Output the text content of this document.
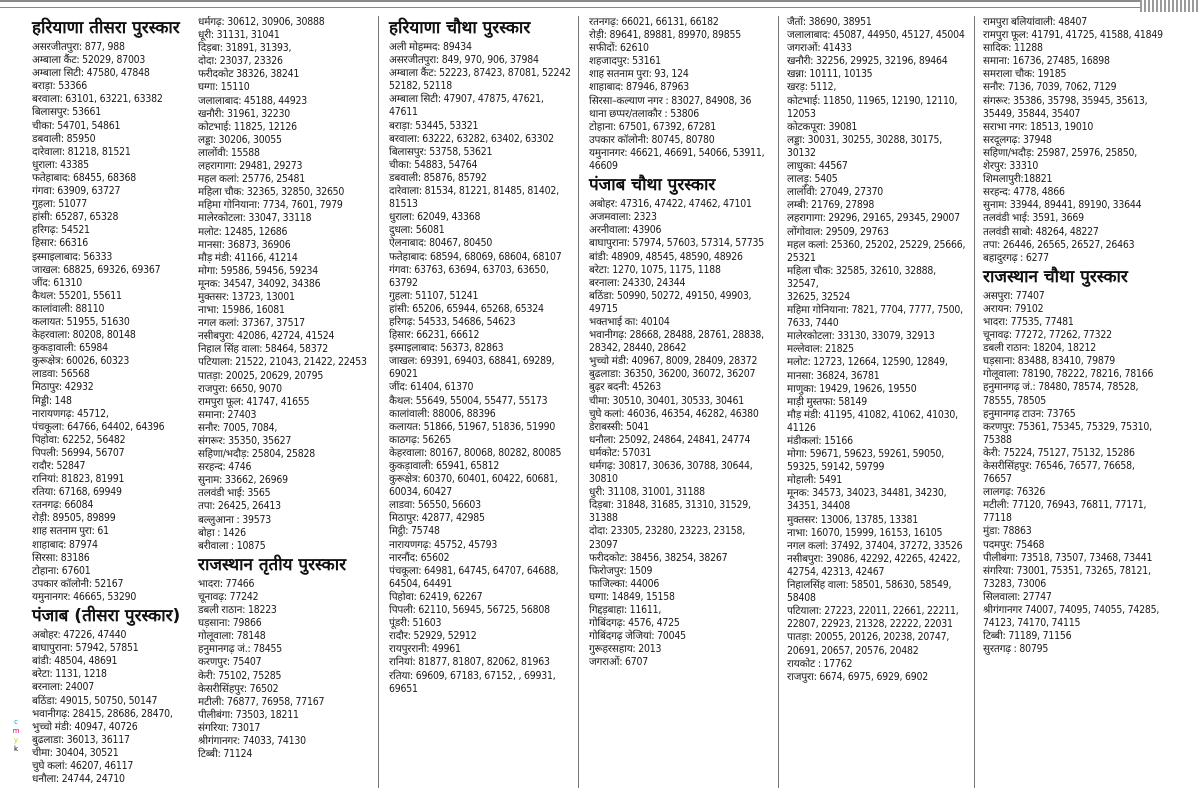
हरियाणा तीसरा पुरस्कार
असरजीतपुरा: 877, 988
अम्बाला कैंट: 52029, 87003
अम्बाला सिटी: 47580, 47848
बराड़ा: 53366
बरवाला: 63101, 63221, 63382
बिलासपुर: 53661
चीका: 54701, 54861
डबवाली: 85950
दारेवाला: 81218, 81521
धुराला: 43385
फतेहाबाद: 68455, 68368
गंगवा: 63909, 63727
गुहला: 51077
हांसी: 65287, 65328
हरिगढ़: 54521
हिसार: 66316
इस्माइलाबाद: 56333
जाखल: 68825, 69326, 69367
जींद: 61310
कैथल: 55201, 55611
कालांवाली: 88110
कलायत: 51955, 51630
केहरवाला: 80208, 80148
कुकड़ावाली: 65984
कुरूक्षेत्र: 60026, 60323
लाडवा: 56568
मिठापुर: 42932
मिड्डी: 148
नारायणगढ़: 45712,
पंचकूला: 64766, 64402, 64396
पिहोवा: 62252, 56482
पिपली: 56994, 56707
रादौर: 52847
रानियां: 81823, 81991
रतिया: 67168, 69949
रतनगढ़: 66084
रोड़ी: 89505, 89899
शाह सतनाम पुरा: 61
शाहाबाद: 87974
सिरसा: 83186
टोहाना: 67601
उपकार कॉलोनी: 52167
यमुनानगर: 46665, 53290
पंजाब (तीसरा पुरस्कार)
अबोहर: 47226, 47440
बाघापुराना: 57942, 57851
बांडी: 48504, 48691
बरेटा: 1131, 1218
बरनाला: 24007
बठिंडा: 49015, 50750, 50147
भवानीगढ़: 28415, 28686, 28470,
भुच्चो मंडी: 40947, 40726
बुढलाडा: 36013, 36117
चीमा: 30404, 30521
चुघे कलां: 46207, 46117
धनौला: 24744, 24710
धर्मगढ़: 30612, 30906, 30888
धूरी: 31131, 31041
दिड़बा: 31891, 31393,
दोदा: 23037, 23326
फरीदकोट 38326, 38241
घग्गा: 15110
जलालाबाद: 45188, 44923
खनौरी: 31961, 32230
कोटभाई: 11825, 12126
लड्डा: 30206, 30055
लालोंवी: 15588
लहरागागा: 29481, 29273
महल कलां: 25776, 25481
महिला चौक: 32365, 32850, 32650
महिमा गोनियाना: 7734, 7601, 7979
मालेरकोटला: 33047, 33118
मलोट: 12485, 12686
मानसा: 36873, 36906
मौड़ मंडी: 41166, 41214
मोगा: 59586, 59456, 59234
मूनक: 34547, 34092, 34386
मुक्तसर: 13723, 13001
नाभा: 15986, 16081
नगल कलां: 37367, 37517
नसीबपुरा: 42086, 42724, 41524
निहाल सिंह वाला: 58464, 58372
पटियाला: 21522, 21043, 21422, 22453
पातड़ा: 20025, 20629, 20795
राजपुरा: 6650, 9070
रामपुरा फूल: 41747, 41655
समाना: 27403
सनौर: 7005, 7084,
संगरूर: 35350, 35627
सहिणा/भदौड़: 25804, 25828
सरहन्द: 4746
सुनाम: 33662, 26969
तलवंडी भाई: 3565
तपा: 26425, 26413
बल्लुआना : 39573
बोहा : 1426
बरीवाला : 10875
राजस्थान तृतीय पुरस्कार
भादरा: 77466
चूनावढ़: 77242
डबली राठान: 18223
घड़साना: 79866
गोलूवाला: 78148
हनुमानगढ़ जं.: 78455
करणपुर: 75407
केरी: 75102, 75285
केसरीसिंहपुर: 76502
मटीली: 76877, 76958, 77167
पीलीबंगा: 73503, 18211
संगरिया: 73017
श्रीगंगानगर: 74033, 74130
टिब्बी: 71124
हरियाणा चौथा पुरस्कार
अली मोहम्मद: 89434
असरजीतपुरा: 849, 970, 906, 37984
अम्बाला कैंट: 52223, 87423, 87081, 52242
52182, 52118
अम्बाला सिटी: 47907, 47875, 47621, 47611
बराड़ा: 53445, 53321
बरवाला: 63222, 63282, 63402, 63302
बिलासपुर: 53758, 53621
चीका: 54883, 54764
डबवाली: 85876, 85792
दारेवाला: 81534, 81221, 81485, 81402, 81513
धुराला: 62049, 43368
दुधला: 56081
ऐलनाबाद: 80467, 80450
फतेहाबाद: 68594, 68069, 68604, 68107
गंगवा: 63763, 63694, 63703, 63650,
63792
गुहला: 51107, 51241
हांसी: 65206, 65944, 65268, 65324
हरिगढ़: 54533, 54686, 54623
हिसार: 66231, 66612
इस्माइलाबाद: 56373, 82863
जाखल: 69391, 69403, 68841, 69289,
69021
जींद: 61404, 61370
कैथल: 55649, 55004, 55477, 55173
कालांवाली: 88006, 88396
कलायत: 51866, 51967, 51836, 51990
काठगढ़: 56265
केहरवाला: 80167, 80068, 80282, 80085
कुकड़ावाली: 65941, 65812
कुरूक्षेत्र: 60370, 60401, 60422, 60681,
60034, 60427
लाडवा: 56550, 56603
मिठापुर: 42877, 42985
मिट्ठी: 75748
नारायणगढ़: 45752, 45793
नारनौंद: 65602
पंचकूला: 64981, 64745, 64707, 64688,
64504, 64491
पिहोवा: 62419, 62267
पिपली: 62110, 56945, 56725, 56808
पूंडरी: 51603
रादौर: 52929, 52912
रायपुररानी: 49961
रानियां: 81877, 81807, 82062, 81963
रतिया: 69609, 67183, 67152, , 69931,
69651
रतनगढ़: 66021, 66131, 66182
रोड़ी: 89641, 89881, 89970, 89855
सफीदों: 62610
शहजादपुर: 53161
शाह सतनाम पुरा: 93, 124
शाहाबाद: 87946, 87963
सिरसा–कल्याण नगर : 83027, 84908, 36
थाना छप्पर/तलाकौर : 53806
टोहाना: 67501, 67392, 67281
उपकार कॉलोनी: 80745, 80780
यमुनानगर: 46621, 46691, 54066, 53911,
46609
पंजाब चौथा पुरस्कार
अबोहर: 47316, 47422, 47462, 47101
अजमवाला: 2323
अरनीवाला: 43906
बाघापुराना: 57974, 57603, 57314, 57735
बांडी: 48909, 48545, 48590, 48926
बरेटा: 1270, 1075, 1175, 1188
बरनाला: 24330, 24344
बठिंडा: 50990, 50272, 49150, 49903,
49715
भक्तभाई का: 40104
भवानीगढ़: 28668, 28488, 28761, 28838,
28342, 28440, 28642
भुच्चो मंडी: 40967, 8009, 28409, 28372
बुढलाडा: 36350, 36200, 36072, 36207
बुढ़र बदनी: 45263
चीमा: 30510, 30401, 30533, 30461
चुघे कलां: 46036, 46354, 46282, 46380
डेराबस्सी: 5041
धनौला: 25092, 24864, 24841, 24774
धर्मकोट: 57031
धर्मगढ़: 30817, 30636, 30788, 30644,
30810
धुरी: 31108, 31001, 31188
दिड़बा: 31848, 31685, 31310, 31529,
31388
दोदा: 23305, 23280, 23223, 23158,
23097
फरीदकोट: 38456, 38254, 38267
फिरोजपुर: 1509
फाजिल्का: 44006
घग्गा: 14849, 15158
गिद्दड़बाहा: 11611,
गोबिंदगढ़: 4576, 4725
गोबिंदगढ़ जेजियां: 70045
गुरूहरसहाय: 2013
जगराओं: 6707
जैतों: 38690, 38951
जलालाबाद: 45087, 44950, 45127, 45004
जगराओं: 41433
खनौरी: 32256, 29925, 32196, 89464
खन्ना: 10111, 10135
खरड़: 5112,
कोटभाई: 11850, 11965, 12190, 12110,
12053
कोटकपूरा: 39081
लड्डा: 30031, 30255, 30288, 30175,
30132
लाधुका: 44567
लालड़ू: 5405
लालोंवी: 27049, 27370
लम्बी: 21769, 27898
लहरागागा: 29296, 29165, 29345, 29007
लोंगोवाल: 29509, 29763
महल कलां: 25360, 25202, 25229, 25666,
25321
महिला चौक: 32585, 32610, 32888, 32547,
32625, 32524
महिमा गोनियाना: 7821, 7704, 7777, 7500,
7633, 7440
मालेरकोटला: 33130, 33079, 32913
मल्लेवाल: 21825
मलोट: 12723, 12664, 12590, 12849,
मानसा: 36824, 36781
माणुका: 19429, 19626, 19550
माड़ी मुस्तफा: 58149
मौड़ मंडी: 41195, 41082, 41062, 41030,
41126
मंडीकलां: 15166
मोगा: 59671, 59623, 59261, 59050,
59325, 59142, 59799
मोहाली: 5491
मूनक: 34573, 34023, 34481, 34230,
34351, 34408
मुक्तसर: 13006, 13785, 13381
नाभा: 16070, 15999, 16153, 16105
नगल कलां: 37492, 37404, 37272, 33526
नसीबपुरा: 39086, 42292, 42265, 42422,
42754, 42313, 42467
निहालसिंह वाला: 58501, 58630, 58549,
58408
पटियाला: 27223, 22011, 22661, 22211,
22807, 22923, 21328, 22222, 22031
पातड़ा: 20055, 20126, 20238, 20747,
20691, 20657, 20576, 20482
रायकोट : 17762
राजपुरा: 6674, 6975, 6929, 6902
रामपुरा बलियांवाली: 48407
रामपुरा फूल: 41791, 41725, 41588, 41849
सादिक: 11288
समाना: 16736, 27485, 16898
समराला चौक: 19185
सनौर: 7136, 7039, 7062, 7129
संगरूर: 35386, 35798, 35945, 35613,
35449, 35844, 35407
सराभा नगर: 18513, 19010
सरदूलगढ़: 37948
सहिणा/भदौड़: 25987, 25976, 25850,
शेरपुर: 33310
शिमलापुरी:18821
सरहन्द: 4778, 4866
सुनाम: 33944, 89441, 89190, 33644
तलवंडी भाई: 3591, 3669
तलवंडी साबो: 48264, 48227
तपा: 26446, 26565, 26527, 26463
बहादुरगढ़ : 6277
राजस्थान चौथा पुरस्कार
असपुरा: 77407
अरायन: 79102
भादरा: 77535, 77481
चूनावढ़: 77272, 77262, 77322
डबली राठान: 18204, 18212
घड़साना: 83488, 83410, 79879
गोलूवाला: 78190, 78222, 78216, 78166
हनुमानगढ़ जं.: 78480, 78574, 78528,
78555, 78505
हनुमानगढ़ टाउन: 73765
करणपुर: 75361, 75345, 75329, 75310,
75388
केरी: 75224, 75127, 75132, 15286
केसरीसिंहपुर: 76546, 76577, 76658,
76657
लालगढ़: 76326
मटीली: 77120, 76943, 76811, 77171,
77118
मुंडा: 78863
पदमपुर: 75468
पीलीबंगा: 73518, 73507, 73468, 73441
संगरिया: 73001, 75351, 73265, 78121,
73283, 73006
सिलवाला: 27747
श्रीगंगानगर 74007, 74095, 74055, 74285,
74123, 74170, 74115
टिब्बी: 71189, 71156
सुरतगढ़ : 80795
c
m
y
k
